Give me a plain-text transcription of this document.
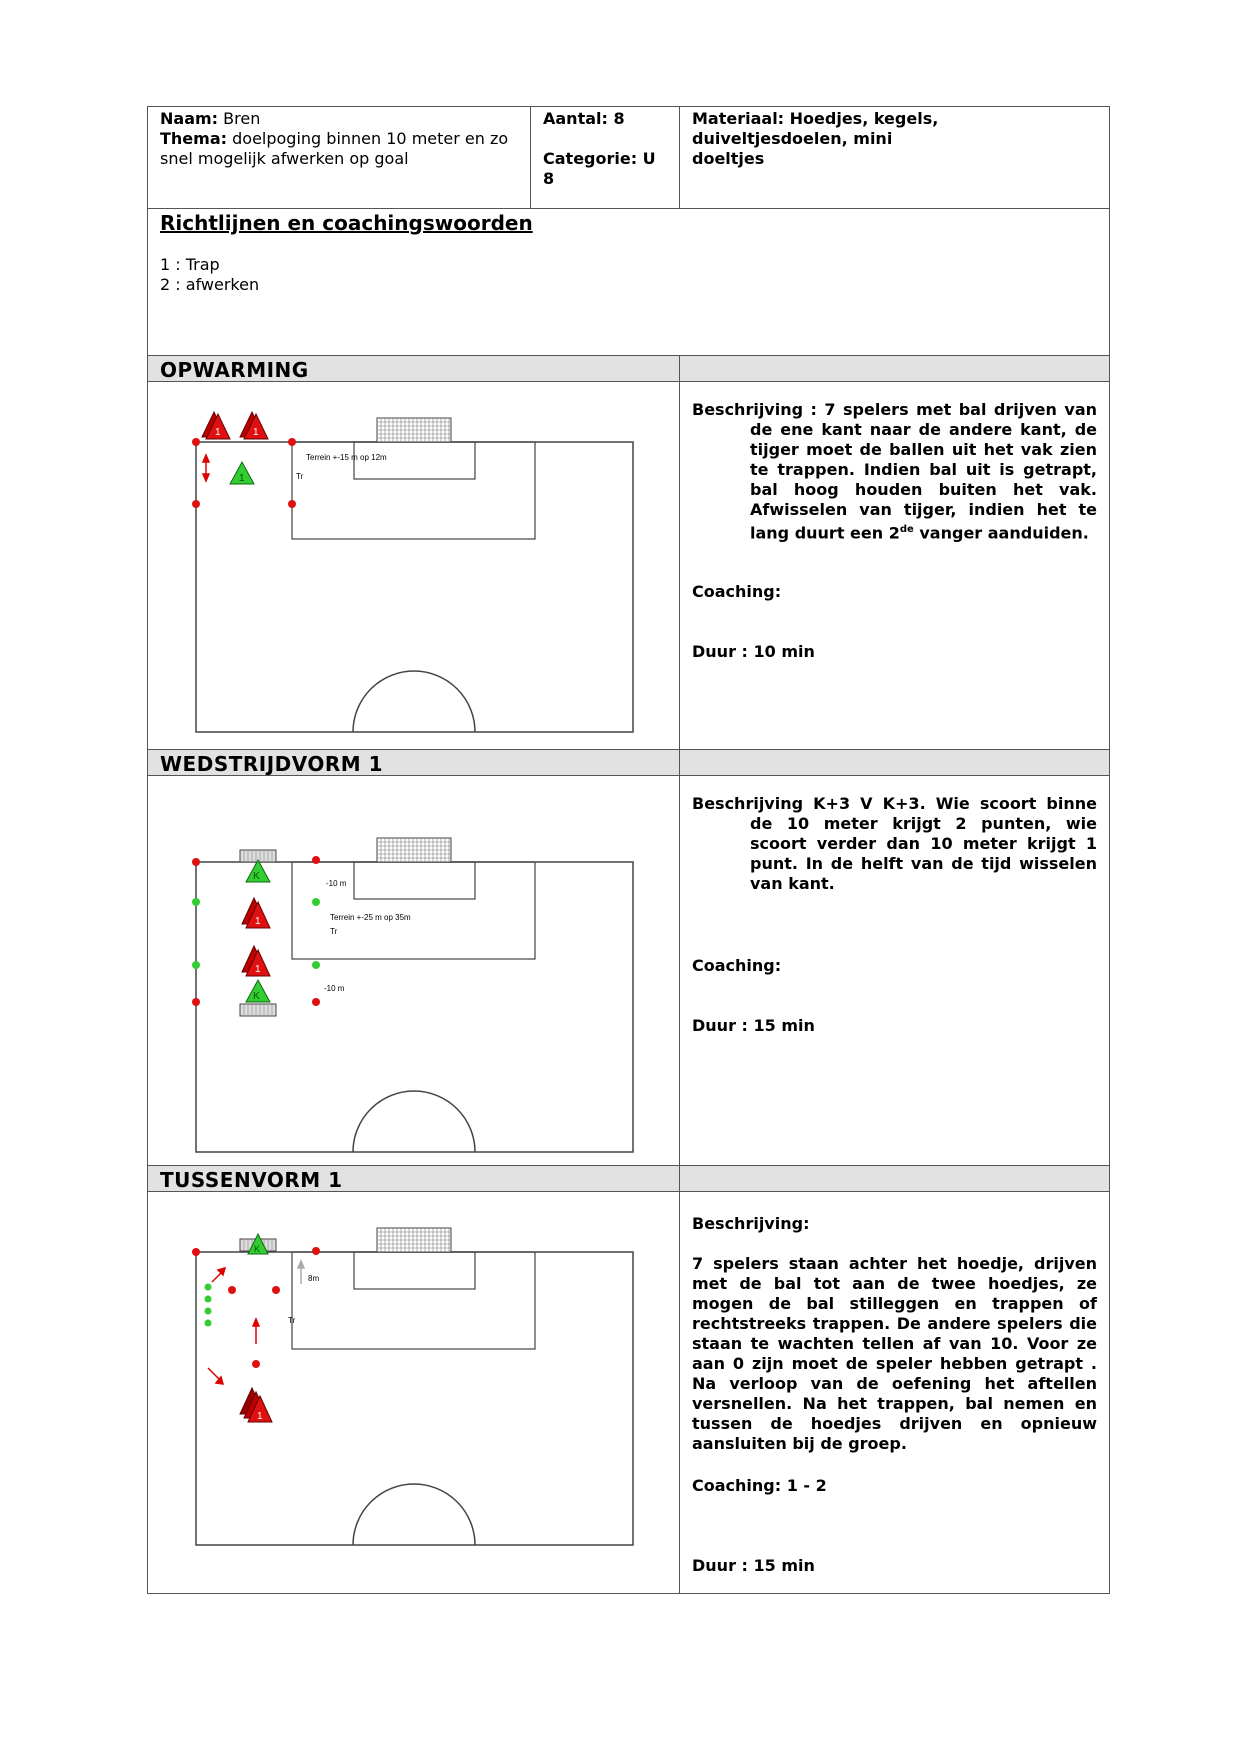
Naam: Bren
Thema: doelpoging binnen 10 meter en zo snel mogelijk afwerken op goal
Aantal: 8
Categorie: U 8
Materiaal: Hoedjes, kegels, duiveltjesdoelen, mini doeltjes
Richtlijnen en coachingswoorden
1 : Trap
2 : afwerken
OPWARMING
Terrein +-15 m op 12m
Tr
1	1
1
Beschrijving : 7 spelers met bal drijven van de ene kant naar de andere kant, de tijger moet de ballen uit het vak zien te trappen. Indien bal uit is getrapt, bal hoog houden buiten het vak. Afwisselen van tijger, indien het te lang duurt een 2de vanger aanduiden.
Coaching:
Duur : 10 min
WEDSTRIJDVORM 1
Terrein +-25 m op 35m
Tr
-10 m
-10 m
K
K
1
1
Beschrijving K+3 V K+3. Wie scoort binne de 10 meter krijgt 2 punten, wie scoort verder dan 10 meter krijgt 1 punt. In de helft van de tijd wisselen van kant.
Coaching:
Duur : 15 min
TUSSENVORM 1
K
8m
Tr
1
Beschrijving:
7 spelers staan achter het hoedje, drijven met de bal tot aan de twee hoedjes, ze mogen de bal stilleggen en trappen of rechtstreeks trappen. De andere spelers die staan te wachten tellen af van 10. Voor ze aan 0 zijn moet de speler hebben getrapt . Na verloop van de oefening het aftellen versnellen. Na het trappen, bal nemen en tussen de hoedjes drijven en opnieuw aansluiten bij de groep.
Coaching: 1 - 2
Duur : 15 min
